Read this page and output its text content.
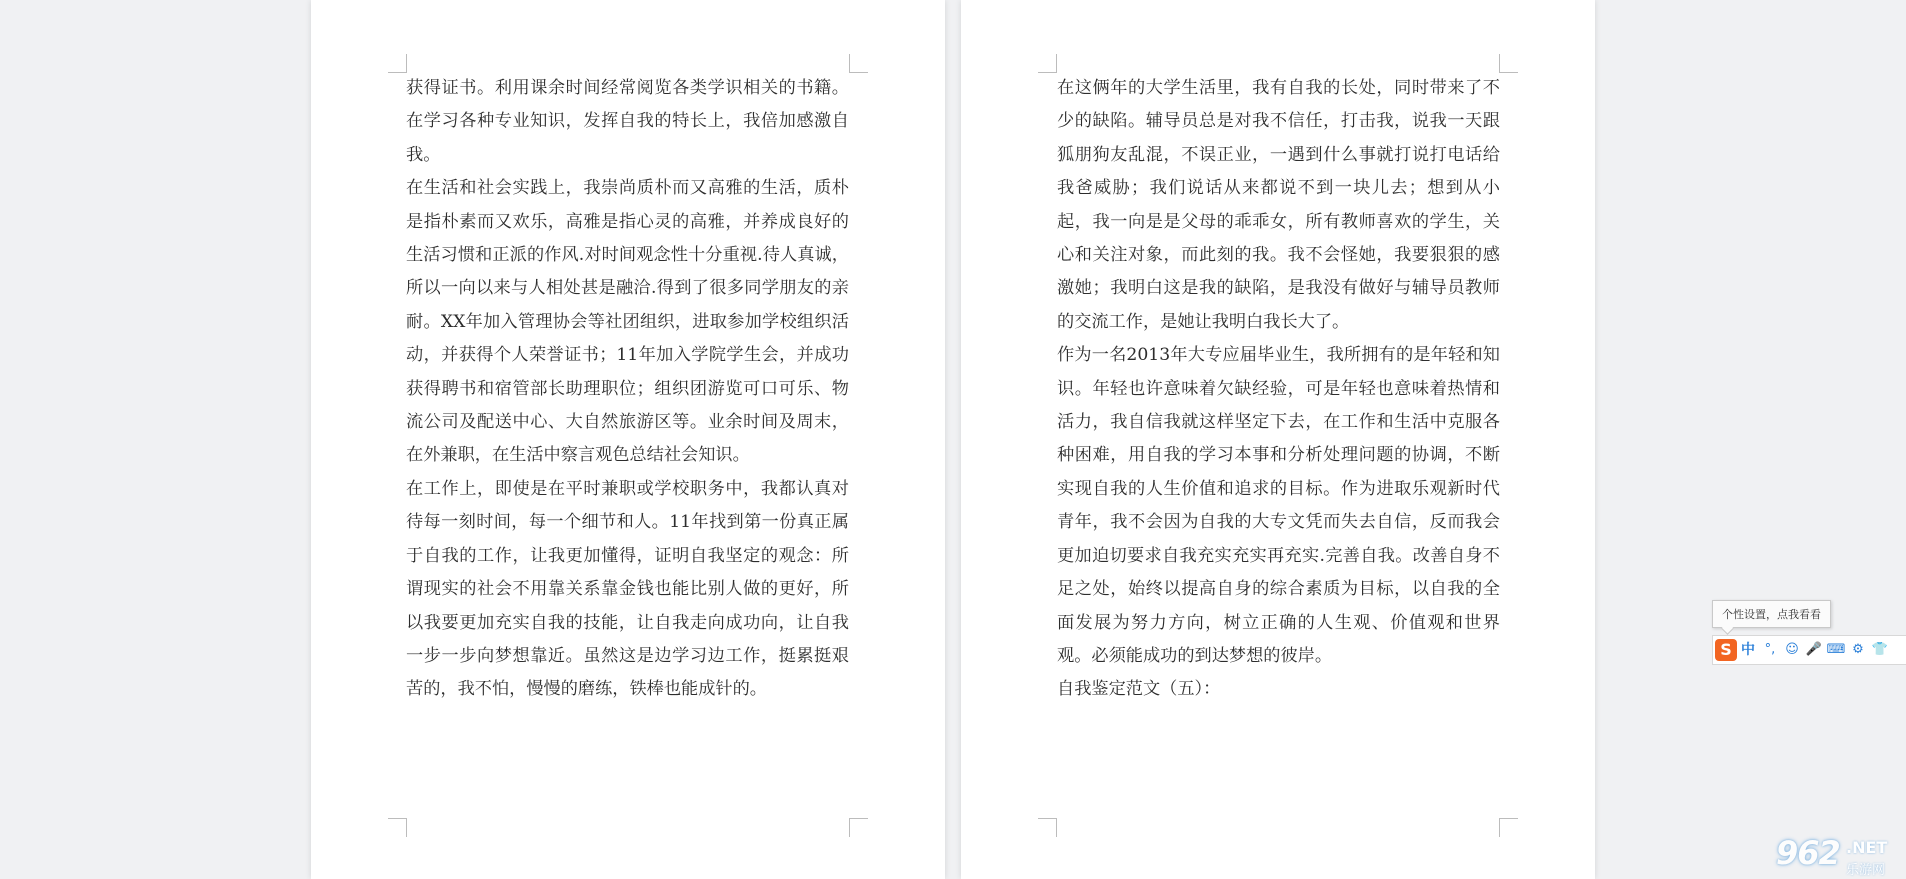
获得证书。利用课余时间经常阅览各类学识相关的书籍。在学习各种专业知识，发挥自我的特长上，我倍加感激自我。

在生活和社会实践上，我崇尚质朴而又高雅的生活，质朴是指朴素而又欢乐，高雅是指心灵的高雅，并养成良好的生活习惯和正派的作风.对时间观念性十分重视.待人真诚，所以一向以来与人相处甚是融洽.得到了很多同学朋友的亲耐。XX年加入管理协会等社团组织，进取参加学校组织活动，并获得个人荣誉证书；11年加入学院学生会，并成功获得聘书和宿管部长助理职位；组织团游览可口可乐、物流公司及配送中心、大自然旅游区等。业余时间及周末，在外兼职，在生活中察言观色总结社会知识。

在工作上，即使是在平时兼职或学校职务中，我都认真对待每一刻时间，每一个细节和人。11年找到第一份真正属于自我的工作，让我更加懂得，证明自我坚定的观念：所谓现实的社会不用靠关系靠金钱也能比别人做的更好，所以我要更加充实自我的技能，让自我走向成功向，让自我一步一步向梦想靠近。虽然这是边学习边工作，挺累挺艰苦的，我不怕，慢慢的磨练，铁棒也能成针的。

在这俩年的大学生活里，我有自我的长处，同时带来了不少的缺陷。辅导员总是对我不信任，打击我，说我一天跟狐朋狗友乱混，不误正业，一遇到什么事就打说打电话给我爸威胁；我们说话从来都说不到一块儿去；想到从小起，我一向是是父母的乖乖女，所有教师喜欢的学生，关心和关注对象，而此刻的我。我不会怪她，我要狠狠的感激她；我明白这是我的缺陷，是我没有做好与辅导员教师的交流工作，是她让我明白我长大了。

作为一名2013年大专应届毕业生，我所拥有的是年轻和知识。年轻也许意味着欠缺经验，可是年轻也意味着热情和活力，我自信我就这样坚定下去，在工作和生活中克服各种困难，用自我的学习本事和分析处理问题的协调，不断实现自我的人生价值和追求的目标。作为进取乐观新时代青年，我不会因为自我的大专文凭而失去自信，反而我会更加迫切要求自我充实充实再充实.完善自我。改善自身不足之处，始终以提高自身的综合素质为目标，以自我的全面发展为努力方向，树立正确的人生观、价值观和世界观。必须能成功的到达梦想的彼岸。

自我鉴定范文（五）：

个性设置，点我看看
S 中 °, ☺ 🎤 ⌨ ⚙ 👕
962 .NET
乐游网
